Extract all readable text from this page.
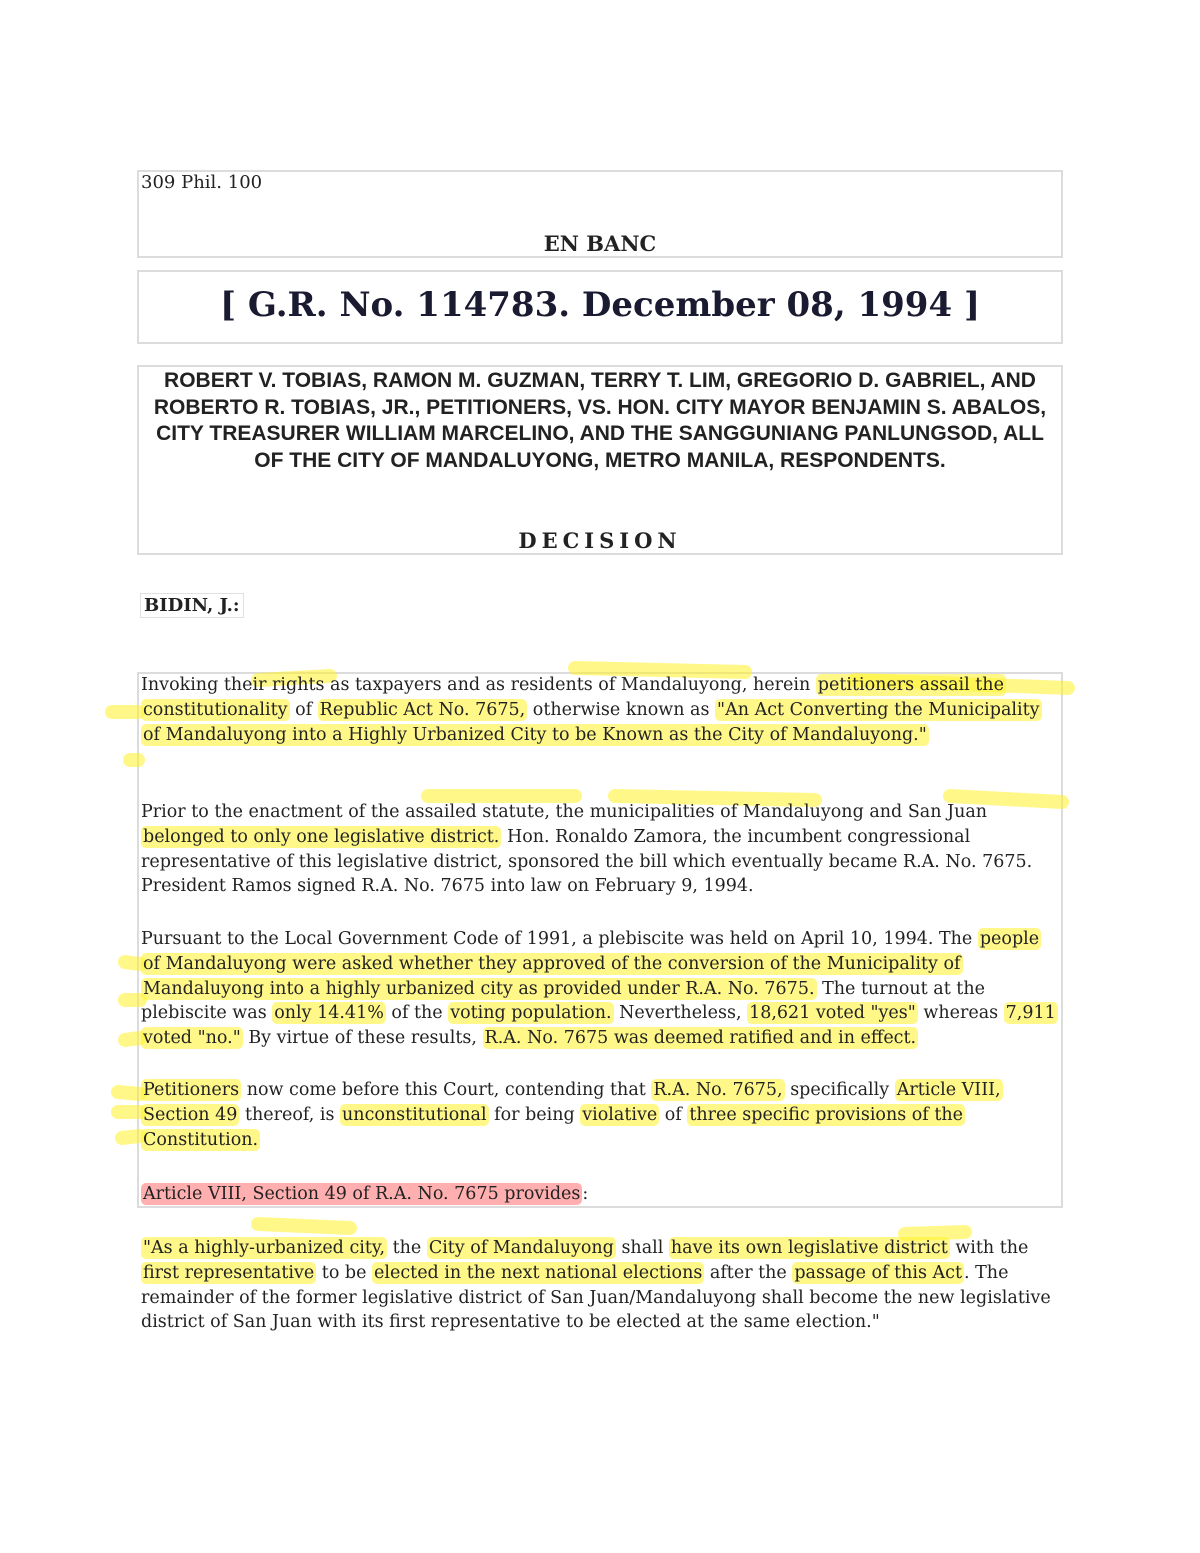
309 Phil. 100
EN BANC
[ G.R. No. 114783. December 08, 1994 ]
ROBERT V. TOBIAS, RAMON M. GUZMAN, TERRY T. LIM, GREGORIO D. GABRIEL, AND ROBERTO R. TOBIAS, JR., PETITIONERS, VS. HON. CITY MAYOR BENJAMIN S. ABALOS, CITY TREASURER WILLIAM MARCELINO, AND THE SANGGUNIANG PANLUNGSOD, ALL OF THE CITY OF MANDALUYONG, METRO MANILA, RESPONDENTS.
DECISION
BIDIN, J.:
Invoking their rights as taxpayers and as residents of Mandaluyong, herein petitioners assail the constitutionality of Republic Act No. 7675, otherwise known as "An Act Converting the Municipality of Mandaluyong into a Highly Urbanized City to be Known as the City of Mandaluyong."
Prior to the enactment of the assailed statute, the municipalities of Mandaluyong and San Juan belonged to only one legislative district. Hon. Ronaldo Zamora, the incumbent congressional representative of this legislative district, sponsored the bill which eventually became R.A. No. 7675. President Ramos signed R.A. No. 7675 into law on February 9, 1994.
Pursuant to the Local Government Code of 1991, a plebiscite was held on April 10, 1994. The people of Mandaluyong were asked whether they approved of the conversion of the Municipality of Mandaluyong into a highly urbanized city as provided under R.A. No. 7675. The turnout at the plebiscite was only 14.41% of the voting population. Nevertheless, 18,621 voted "yes" whereas 7,911 voted "no." By virtue of these results, R.A. No. 7675 was deemed ratified and in effect.
Petitioners now come before this Court, contending that R.A. No. 7675, specifically Article VIII, Section 49 thereof, is unconstitutional for being violative of three specific provisions of the Constitution.
Article VIII, Section 49 of R.A. No. 7675 provides :
"As a highly-urbanized city, the City of Mandaluyong shall have its own legislative district with the first representative to be elected in the next national elections after the passage of this Act . The remainder of the former legislative district of San Juan/Mandaluyong shall become the new legislative district of San Juan with its first representative to be elected at the same election."
